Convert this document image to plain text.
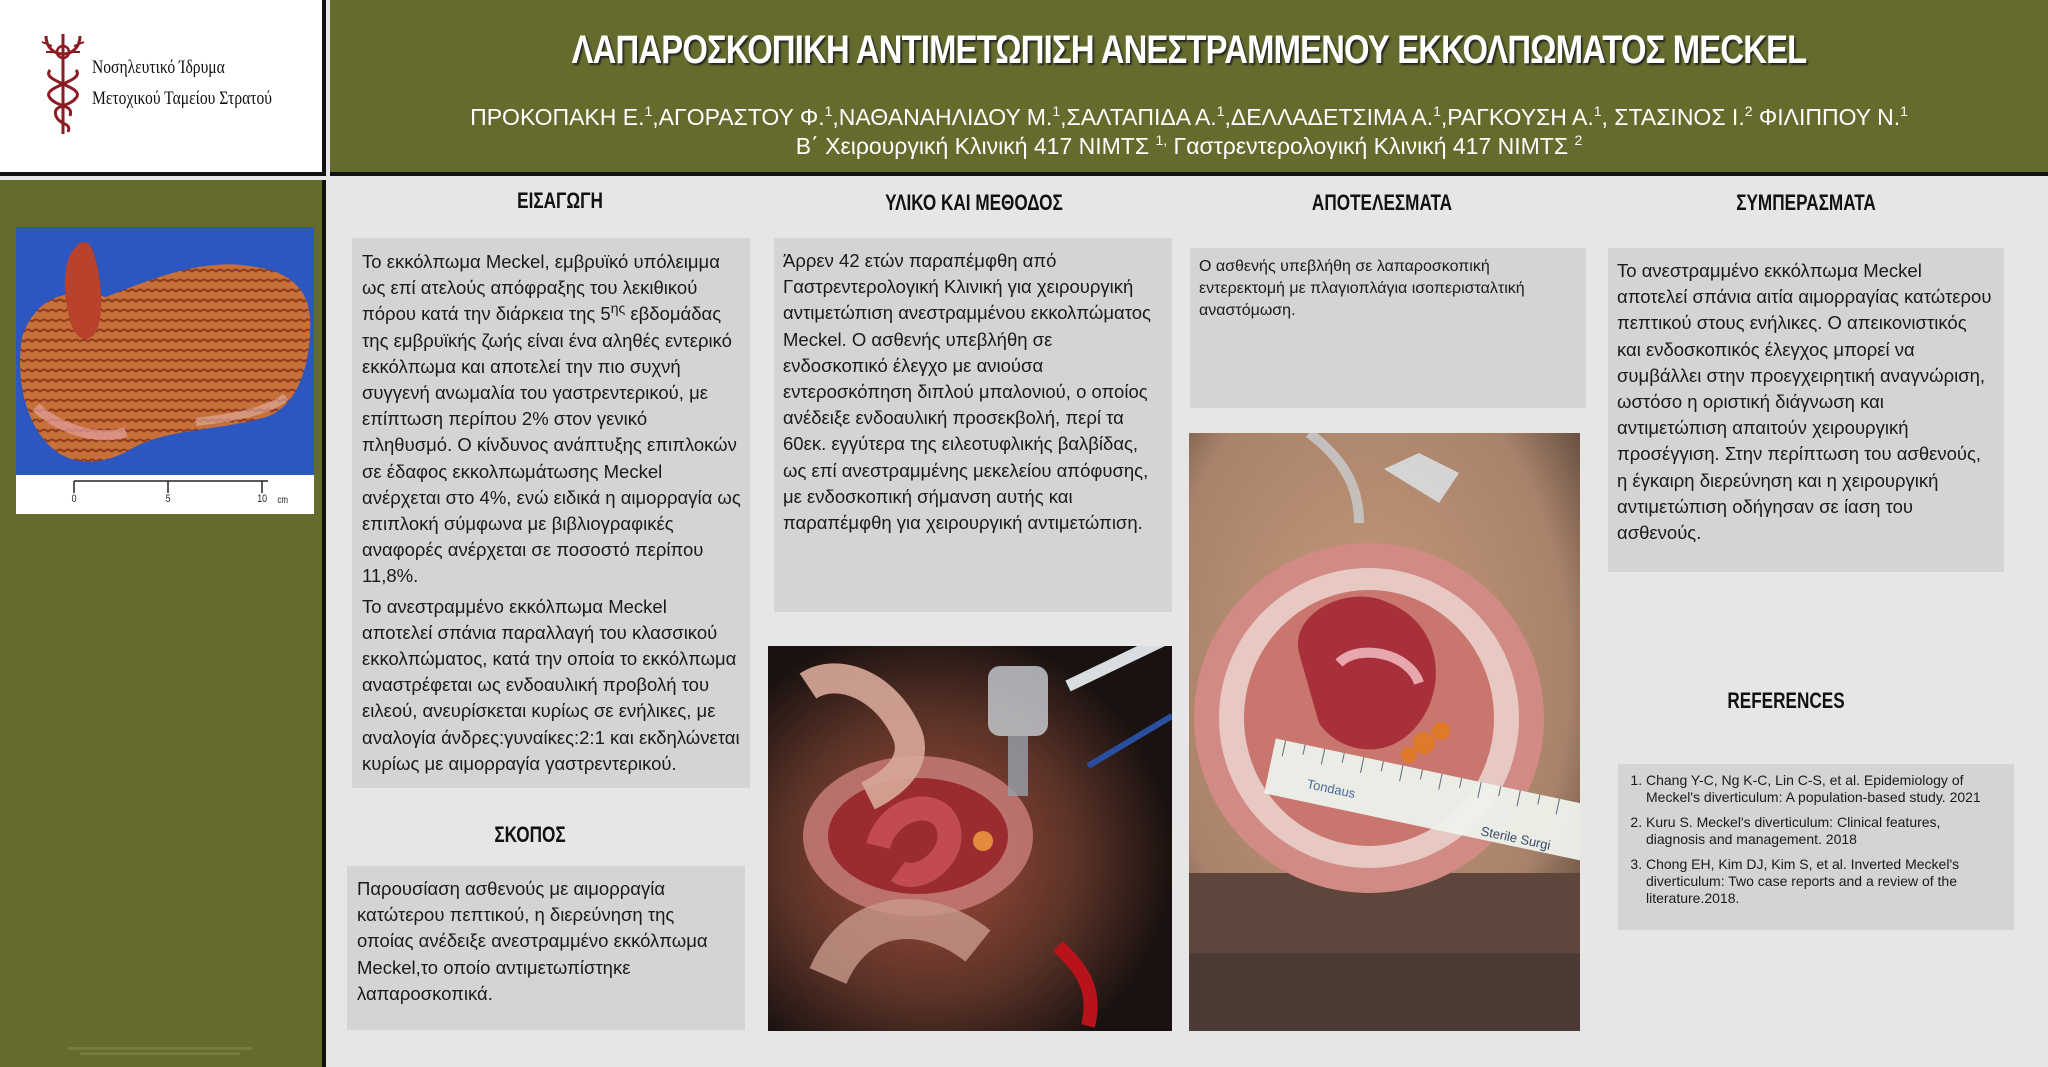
Νοσηλευτικό Ίδρυμα
Μετοχικού Ταμείου Στρατού
ΛΑΠΑΡΟΣΚΟΠΙΚΗ ΑΝΤΙΜΕΤΩΠΙΣΗ ΑΝΕΣΤΡΑΜΜΕΝΟΥ ΕΚΚΟΛΠΩΜΑΤΟΣ MECKEL
ΠΡΟΚΟΠΑΚΗ Ε.$^1$,ΑΓΟΡΑΣΤΟΥ Φ.$^1$,ΝΑΘΑΝΑΗΛΙΔΟΥ Μ.$^1$,ΣΑΛΤΑΠΙΔΑ Α.$^1$,ΔΕΛΛΑΔΕΤΣΙΜΑ Α.$^1$,ΡΑΓΚΟΥΣΗ Α.$^1$, ΣΤΑΣΙΝΟΣ Ι.$^2$ ΦΙΛΙΠΠΟΥ Ν.$^1$
Β΄ Χειρουργική Κλινική 417 ΝΙΜΤΣ $^{1,}$ Γαστρεντερολογική Κλινική 417 ΝΙΜΤΣ $^2$
0	5	10 cm
ΕΙΣΑΓΩΓΗ

Το εκκόλπωμα Meckel, εμβρυϊκό υπόλειμμα ως επί ατελούς απόφραξης του λεκιθικού πόρου κατά την διάρκεια της $5^{\eta\varsigma}$ εβδομάδας της εμβρυϊκής ζωής είναι ένα αληθές εντερικό εκκόλπωμα και αποτελεί την πιο συχνή συγγενή ανωμαλία του γαστρεντερικού, με επίπτωση περίπου 2% στον γενικό πληθυσμό. Ο κίνδυνος ανάπτυξης επιπλοκών σε έδαφος εκκολπωμάτωσης Meckel ανέρχεται στο 4%, ενώ ειδικά η αιμορραγία ως επιπλοκή σύμφωνα με βιβλιογραφικές αναφορές ανέρχεται σε ποσοστό περίπου 11,8%.

Το ανεστραμμένο εκκόλπωμα Meckel αποτελεί σπάνια παραλλαγή του κλασσικού εκκολπώματος, κατά την οποία το εκκόλπωμα αναστρέφεται ως ενδοαυλική προβολή του ειλεού, ανευρίσκεται κυρίως σε ενήλικες, με αναλογία άνδρες:γυναίκες:2:1 και εκδηλώνεται κυρίως με αιμορραγία γαστρεντερικού.

ΣΚΟΠΟΣ
Παρουσίαση ασθενούς με αιμορραγία κατώτερου πεπτικού, η διερεύνηση της οποίας ανέδειξε ανεστραμμένο εκκόλπωμα Meckel,το οποίο αντιμετωπίστηκε λαπαροσκοπικά.
ΥΛΙΚΟ ΚΑΙ ΜΕΘΟΔΟΣ
Άρρεν 42 ετών παραπέμφθη από Γαστρεντερολογική Κλινική για χειρουργική αντιμετώπιση ανεστραμμένου εκκολπώματος Meckel. Ο ασθενής υπεβλήθη σε ενδοσκοπικό έλεγχο με ανιούσα εντεροσκόπηση διπλού μπαλονιού, ο οποίος ανέδειξε ενδοαυλική προσεκβολή, περί τα 60εκ. εγγύτερα της ειλεοτυφλικής βαλβίδας, ως επί ανεστραμμένης μεκελείου απόφυσης, με ενδοσκοπική σήμανση αυτής και παραπέμφθη για χειρουργική αντιμετώπιση.
ΑΠΟΤΕΛΕΣΜΑΤΑ
Ο ασθενής υπεβλήθη σε λαπαροσκοπική εντερεκτομή με πλαγιοπλάγια ισοπερισταλτική αναστόμωση.
Tondaus
Sterile Surgi
ΣΥΜΠΕΡΑΣΜΑΤΑ
Το ανεστραμμένο εκκόλπωμα Meckel αποτελεί σπάνια αιτία αιμορραγίας κατώτερου πεπτικού στους ενήλικες. Ο απεικονιστικός και ενδοσκοπικός έλεγχος μπορεί να συμβάλλει στην προεγχειρητική αναγνώριση, ωστόσο η οριστική διάγνωση και αντιμετώπιση απαιτούν χειρουργική προσέγγιση. Στην περίπτωση του ασθενούς, η έγκαιρη διερεύνηση και η χειρουργική αντιμετώπιση οδήγησαν σε ίαση του ασθενούς.
REFERENCES
1. Chang Y-C, Ng K-C, Lin C-S, et al. Epidemiology of Meckel's diverticulum: A population-based study. 2021
2. Kuru S. Meckel's diverticulum: Clinical features, diagnosis and management. 2018
3. Chong EH, Kim DJ, Kim S, et al. Inverted Meckel's diverticulum: Two case reports and a review of the literature.2018.
